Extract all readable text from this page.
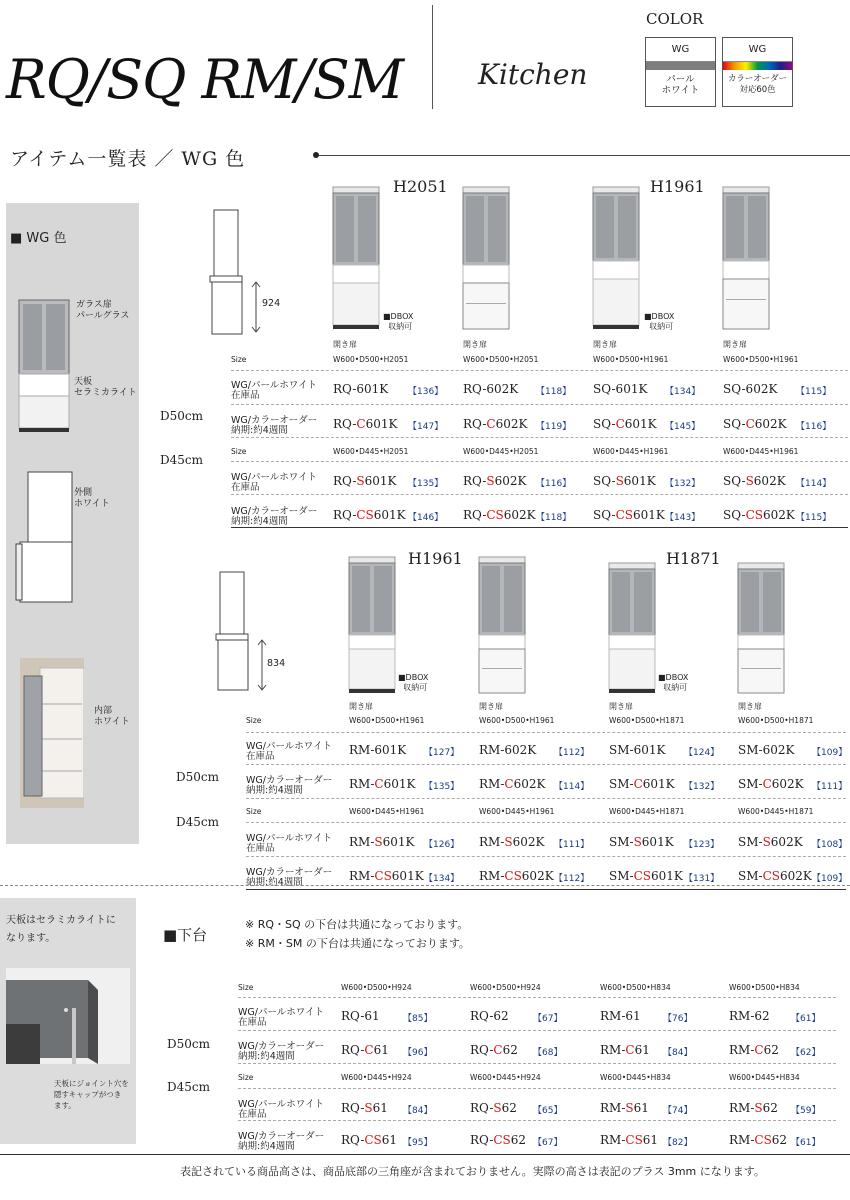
RQ/SQ RM/SM	Kitchen
COLOR
WG
パール
ホワイト
WG
カラーオーダー
対応60色
アイテム一覧表 ／ WG 色
■ WG 色
ガラス扉
パールグラス
天板
セラミカライト
外側
ホワイト
内部
ホワイト
H2051	H1961
924
■DBOX
収納可
■DBOX
収納可
開き扉	開き扉	開き扉	開き扉
Size	W600•D500•H2051	W600•D500•H2051	W600•D500•H1961	W600•D500•H1961
Size	W600•D445•H2051	W600•D445•H2051	W600•D445•H1961	W600•D445•H1961
WG/パールホワイト
在庫品	RQ-601K 【136】 RQ-602K 【118】 SQ-601K 【134】 SQ-602K 【115】
WG/カラーオーダー
納期:約4週間	RQ-C601K 【147】 RQ-C602K 【119】 SQ-C601K 【145】 SQ-C602K 【116】
WG/パールホワイト
在庫品	RQ-S601K 【135】 RQ-S602K 【116】 SQ-S601K 【132】 SQ-S602K 【114】
WG/カラーオーダー
納期:約4週間	RQ-CS601K 【146】 RQ-CS602K 【118】 SQ-CS601K 【143】 SQ-CS602K 【115】
D50cm
D45cm
H1961	H1871
834
■DBOX
収納可
■DBOX
収納可
開き扉	開き扉	開き扉	開き扉
Size	W600•D500•H1961	W600•D500•H1961	W600•D500•H1871	W600•D500•H1871
Size	W600•D445•H1961	W600•D445•H1961	W600•D445•H1871	W600•D445•H1871
WG/パールホワイト
在庫品	RM-601K 【127】 RM-602K 【112】 SM-601K 【124】 SM-602K 【109】
WG/カラーオーダー
納期:約4週間	RM-C601K 【135】 RM-C602K 【114】 SM-C601K 【132】 SM-C602K 【111】
WG/パールホワイト
在庫品	RM-S601K 【126】 RM-S602K 【111】 SM-S601K 【123】 SM-S602K 【108】
WG/カラーオーダー
納期:約4週間	RM-CS601K 【134】 RM-CS602K 【112】 SM-CS601K 【131】 SM-CS602K 【109】
D50cm
D45cm
天板はセラミカライトに
なります。
天板にジョイント穴を
隠すキャップがつき
ます。
■下台
※ RQ・SQ の下台は共通になっております。
※ RM・SM の下台は共通になっております。
Size	W600•D500•H924	W600•D500•H924	W600•D500•H834	W600•D500•H834
Size	W600•D445•H924	W600•D445•H924	W600•D445•H834	W600•D445•H834
WG/パールホワイト
在庫品	RQ-61	【85】	RQ-62	【67】	RM-61 【76】	RM-62 【61】
WG/カラーオーダー
納期:約4週間	RQ-C61 【96】	RQ-C62 【68】	RM-C61 【84】	RM-C62 【62】
WG/パールホワイト
在庫品	RQ-S61 【84】	RQ-S62 【65】	RM-S61 【74】	RM-S62 【59】
WG/カラーオーダー
納期:約4週間	RQ-CS61 【95】	RQ-CS62 【67】	RM-CS61 【82】	RM-CS62 【61】
D50cm
D45cm
表記されている商品高さは、商品底部の三角座が含まれておりません。実際の高さは表記のプラス 3mm になります。
